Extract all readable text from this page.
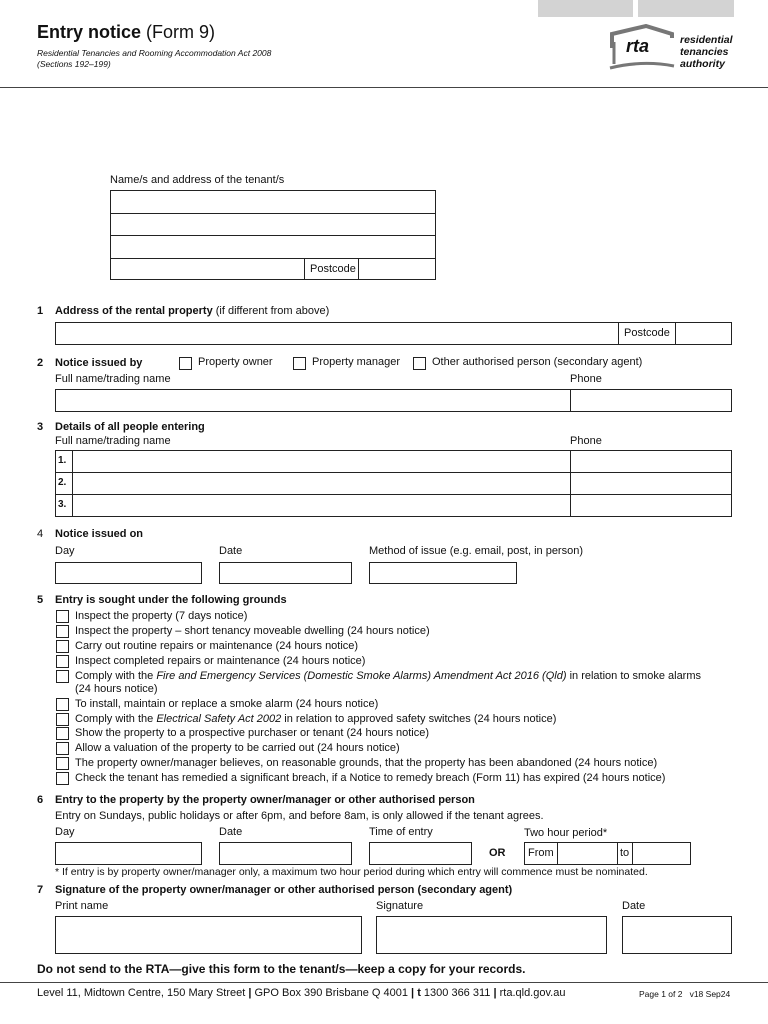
Entry notice (Form 9)
Residential Tenancies and Rooming Accommodation Act 2008
(Sections 192–199)
rta	residential
tenancies
authority
Name/s and address of the tenant/s
Postcode
1 Address of the rental property (if different from above)
Postcode
2 Notice issued by	Property owner	Property manager	Other authorised person (secondary agent)
Full name/trading name	Phone
3 Details of all people entering
Full name/trading name	Phone
1.
2.
3.
4 Notice issued on
Day	Date	Method of issue (e.g. email, post, in person)
5 Entry is sought under the following grounds
Inspect the property (7 days notice)
Inspect the property – short tenancy moveable dwelling (24 hours notice)
Carry out routine repairs or maintenance (24 hours notice)
Inspect completed repairs or maintenance (24 hours notice)
Comply with the Fire and Emergency Services (Domestic Smoke Alarms) Amendment Act 2016 (Qld) in relation to smoke alarms
(24 hours notice)
To install, maintain or replace a smoke alarm (24 hours notice)
Comply with the Electrical Safety Act 2002 in relation to approved safety switches (24 hours notice)
Show the property to a prospective purchaser or tenant (24 hours notice)
Allow a valuation of the property to be carried out (24 hours notice)
The property owner/manager believes, on reasonable grounds, that the property has been abandoned (24 hours notice)
Check the tenant has remedied a significant breach, if a Notice to remedy breach (Form 11) has expired (24 hours notice)
6 Entry to the property by the property owner/manager or other authorised person
Entry on Sundays, public holidays or after 6pm, and before 8am, is only allowed if the tenant agrees.
Day	Date	Time of entry	Two hour period*
OR From	to
* If entry is by property owner/manager only, a maximum two hour period during which entry will commence must be nominated.
7 Signature of the property owner/manager or other authorised person (secondary agent)
Print name	Signature	Date
Do not send to the RTA—give this form to the tenant/s—keep a copy for your records.
Level 11, Midtown Centre, 150 Mary Street | GPO Box 390 Brisbane Q 4001 | t 1300 366 311 | rta.qld.gov.au	Page 1 of 2 v18 Sep24
